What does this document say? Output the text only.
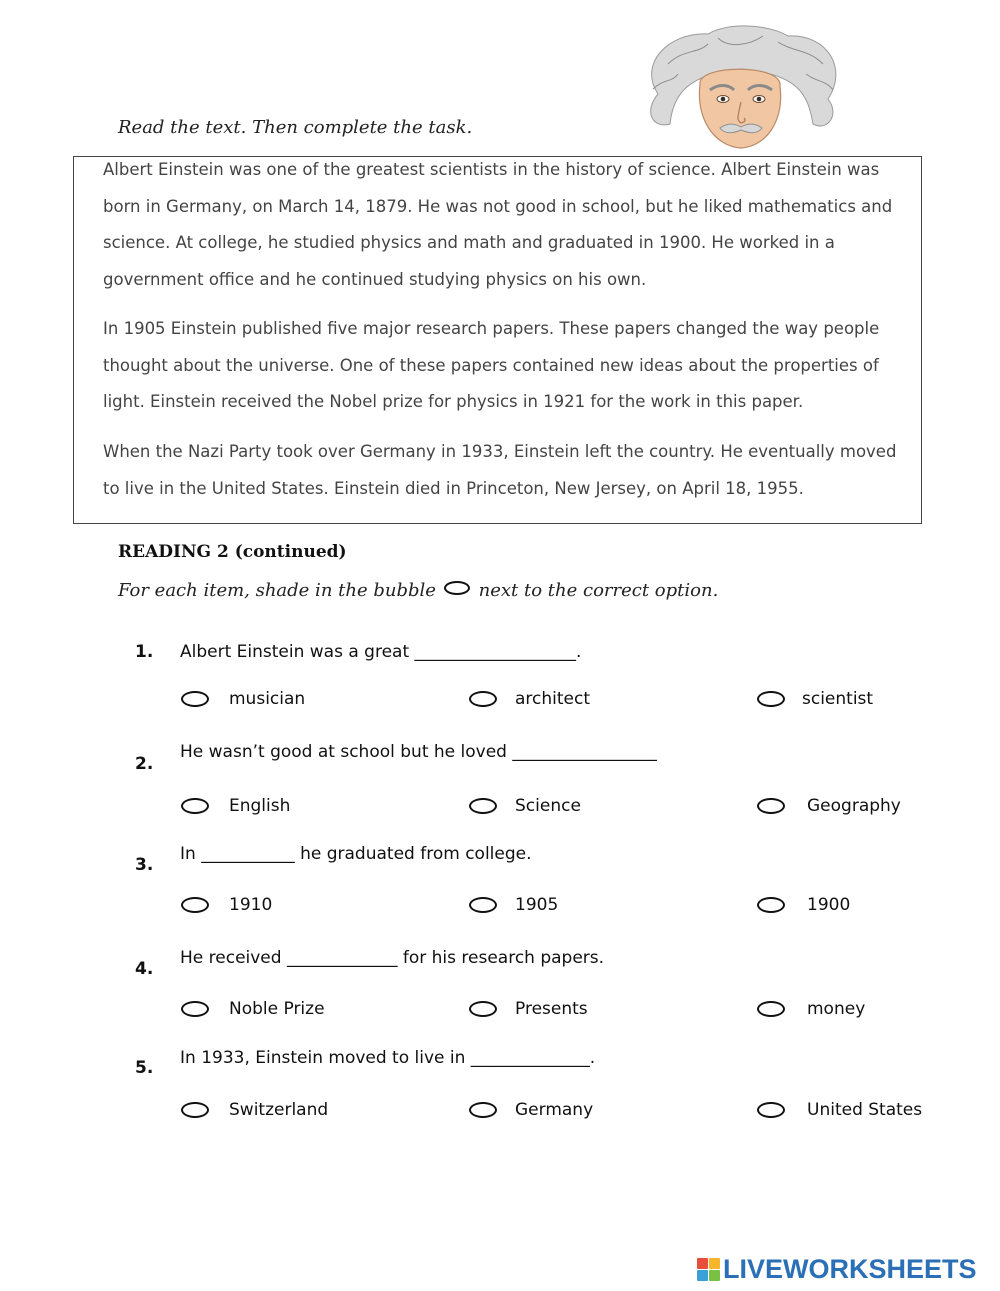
Read the text. Then complete the task.

Albert Einstein was one of the greatest scientists in the history of science. Albert Einstein was born in Germany, on March 14, 1879. He was not good in school, but he liked mathematics and science. At college, he studied physics and math and graduated in 1900. He worked in a government office and he continued studying physics on his own.

In 1905 Einstein published five major research papers. These papers changed the way people thought about the universe. One of these papers contained new ideas about the properties of light. Einstein received the Nobel prize for physics in 1921 for the work in this paper.

When the Nazi Party took over Germany in 1933, Einstein left the country. He eventually moved to live in the United States. Einstein died in Princeton, New Jersey, on April 18, 1955.

READING 2 (continued)
For each item, shade in the bubble next to the correct option.
1. Albert Einstein was a great ___________________.
musician	architect	scientist
2.
He wasn’t good at school but he loved _________________
English	Science	Geography
3.
In ___________ he graduated from college.
1910	1905	1900
4.
He received _____________ for his research papers.
Noble Prize	Presents	money
5. In 1933, Einstein moved to live in ______________.
Switzerland	Germany	United States
LIVEWORKSHEETS
